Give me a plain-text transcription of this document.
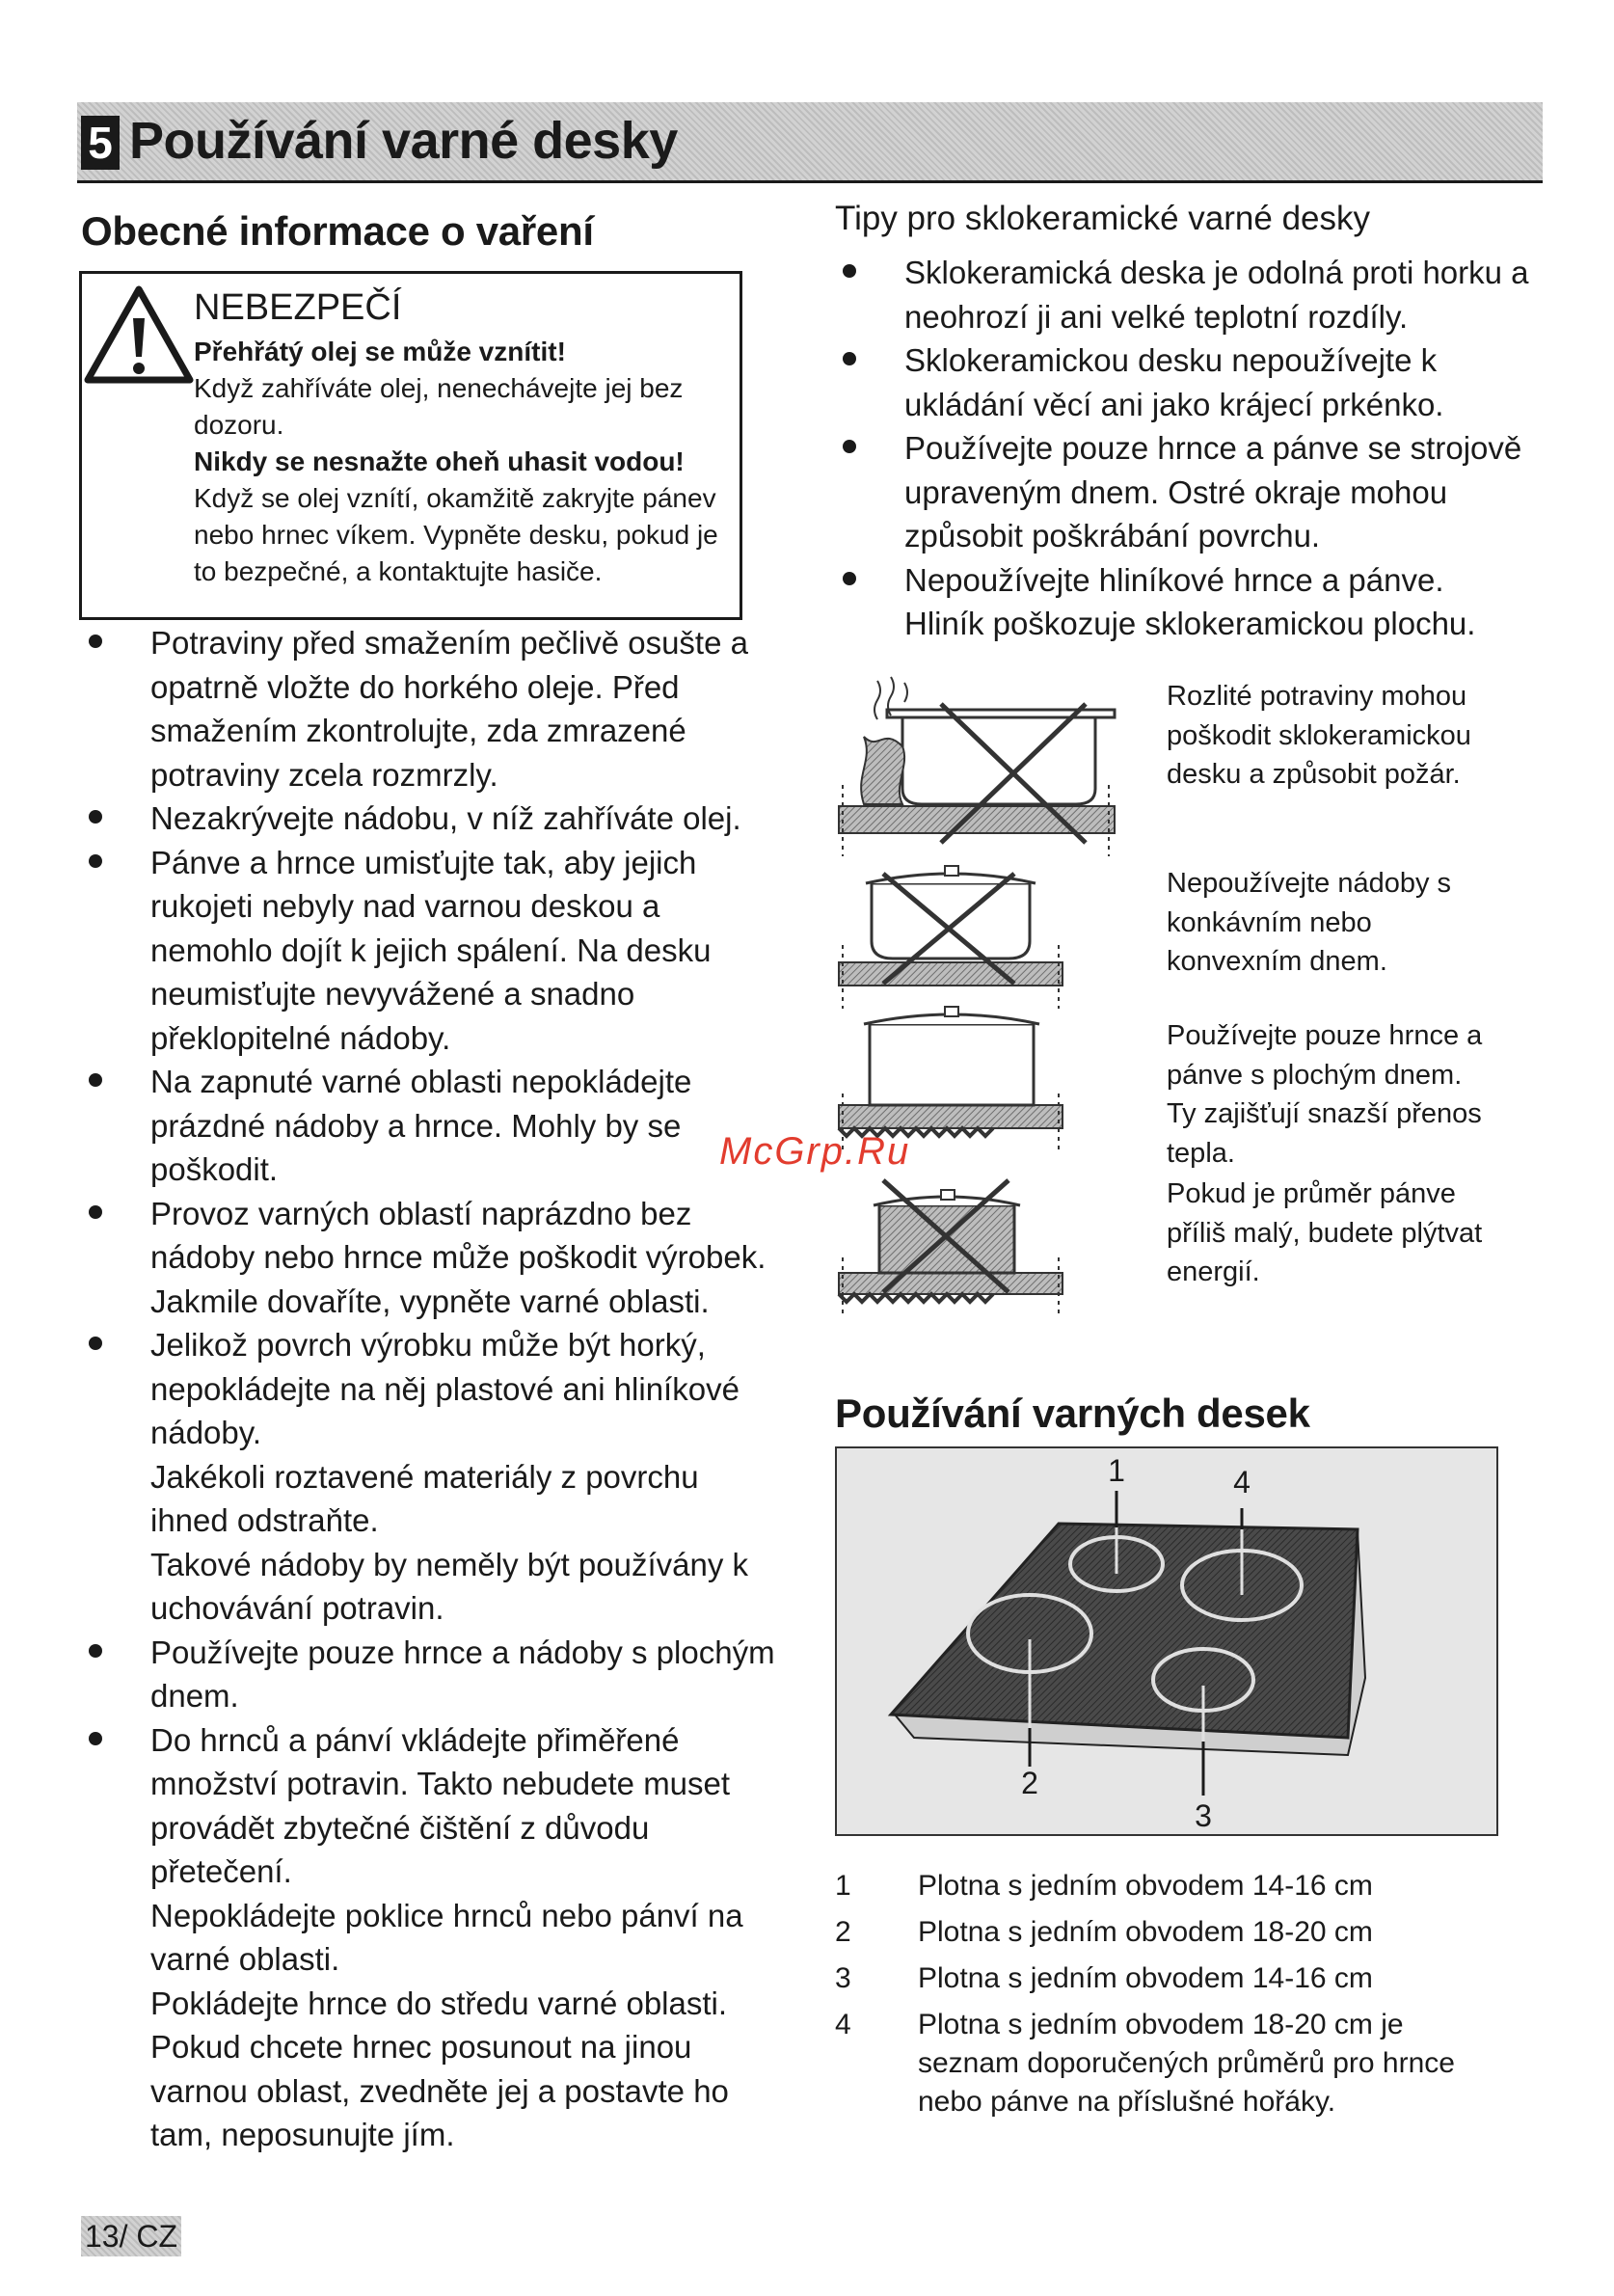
5 Používání varné desky
Obecné informace o vaření
NEBEZPEČÍ
Přehřátý olej se může vznítit!
Když zahříváte olej, nenechávejte jej bez dozoru.
Nikdy se nesnažte oheň uhasit vodou!
Když se olej vznítí, okamžitě zakryjte pánev nebo hrnec víkem. Vypněte desku, pokud je to bezpečné, a kontaktujte hasiče.
Potraviny před smažením pečlivě osušte a opatrně vložte do horkého oleje. Před smažením zkontrolujte, zda zmrazené potraviny zcela rozmrzly.
Nezakrývejte nádobu, v níž zahříváte olej.
Pánve a hrnce umisťujte tak, aby jejich rukojeti nebyly nad varnou deskou a nemohlo dojít k jejich spálení. Na desku neumisťujte nevyvážené a snadno překlopitelné nádoby.
Na zapnuté varné oblasti nepokládejte prázdné nádoby a hrnce. Mohly by se poškodit.
Provoz varných oblastí naprázdno bez nádoby nebo hrnce může poškodit výrobek. Jakmile dovaříte, vypněte varné oblasti.
Jelikož povrch výrobku může být horký, nepokládejte na něj plastové ani hliníkové nádoby.
Jakékoli roztavené materiály z povrchu ihned odstraňte.
Takové nádoby by neměly být používány k uchovávání potravin.
Používejte pouze hrnce a nádoby s plochým dnem.
Do hrnců a pánví vkládejte přiměřené množství potravin. Takto nebudete muset provádět zbytečné čištění z důvodu přetečení.
Nepokládejte poklice hrnců nebo pánví na varné oblasti.
Pokládejte hrnce do středu varné oblasti. Pokud chcete hrnec posunout na jinou varnou oblast, zvedněte jej a postavte ho tam, neposunujte jím.
Tipy pro sklokeramické varné desky
Sklokeramická deska je odolná proti horku a neohrozí ji ani velké teplotní rozdíly.
Sklokeramickou desku nepoužívejte k ukládání věcí ani jako krájecí prkénko.
Používejte pouze hrnce a pánve se strojově upraveným dnem. Ostré okraje mohou způsobit poškrábání povrchu.
Nepoužívejte hliníkové hrnce a pánve. Hliník poškozuje sklokeramickou plochu.
Rozlité potraviny mohou poškodit sklokeramickou desku a způsobit požár.
Nepoužívejte nádoby s konkávním nebo konvexním dnem.
Používejte pouze hrnce a pánve s plochým dnem. Ty zajišťují snazší přenos tepla.
Pokud je průměr pánve příliš malý, budete plýtvat energií.
McGrp.Ru
Používání varných desek
1	4
2
3
1	Plotna s jedním obvodem 14-16 cm
2	Plotna s jedním obvodem 18-20 cm
3	Plotna s jedním obvodem 14-16 cm
4	Plotna s jedním obvodem 18-20 cm je seznam doporučených průměrů pro hrnce nebo pánve na příslušné hořáky.
13/ CZ
